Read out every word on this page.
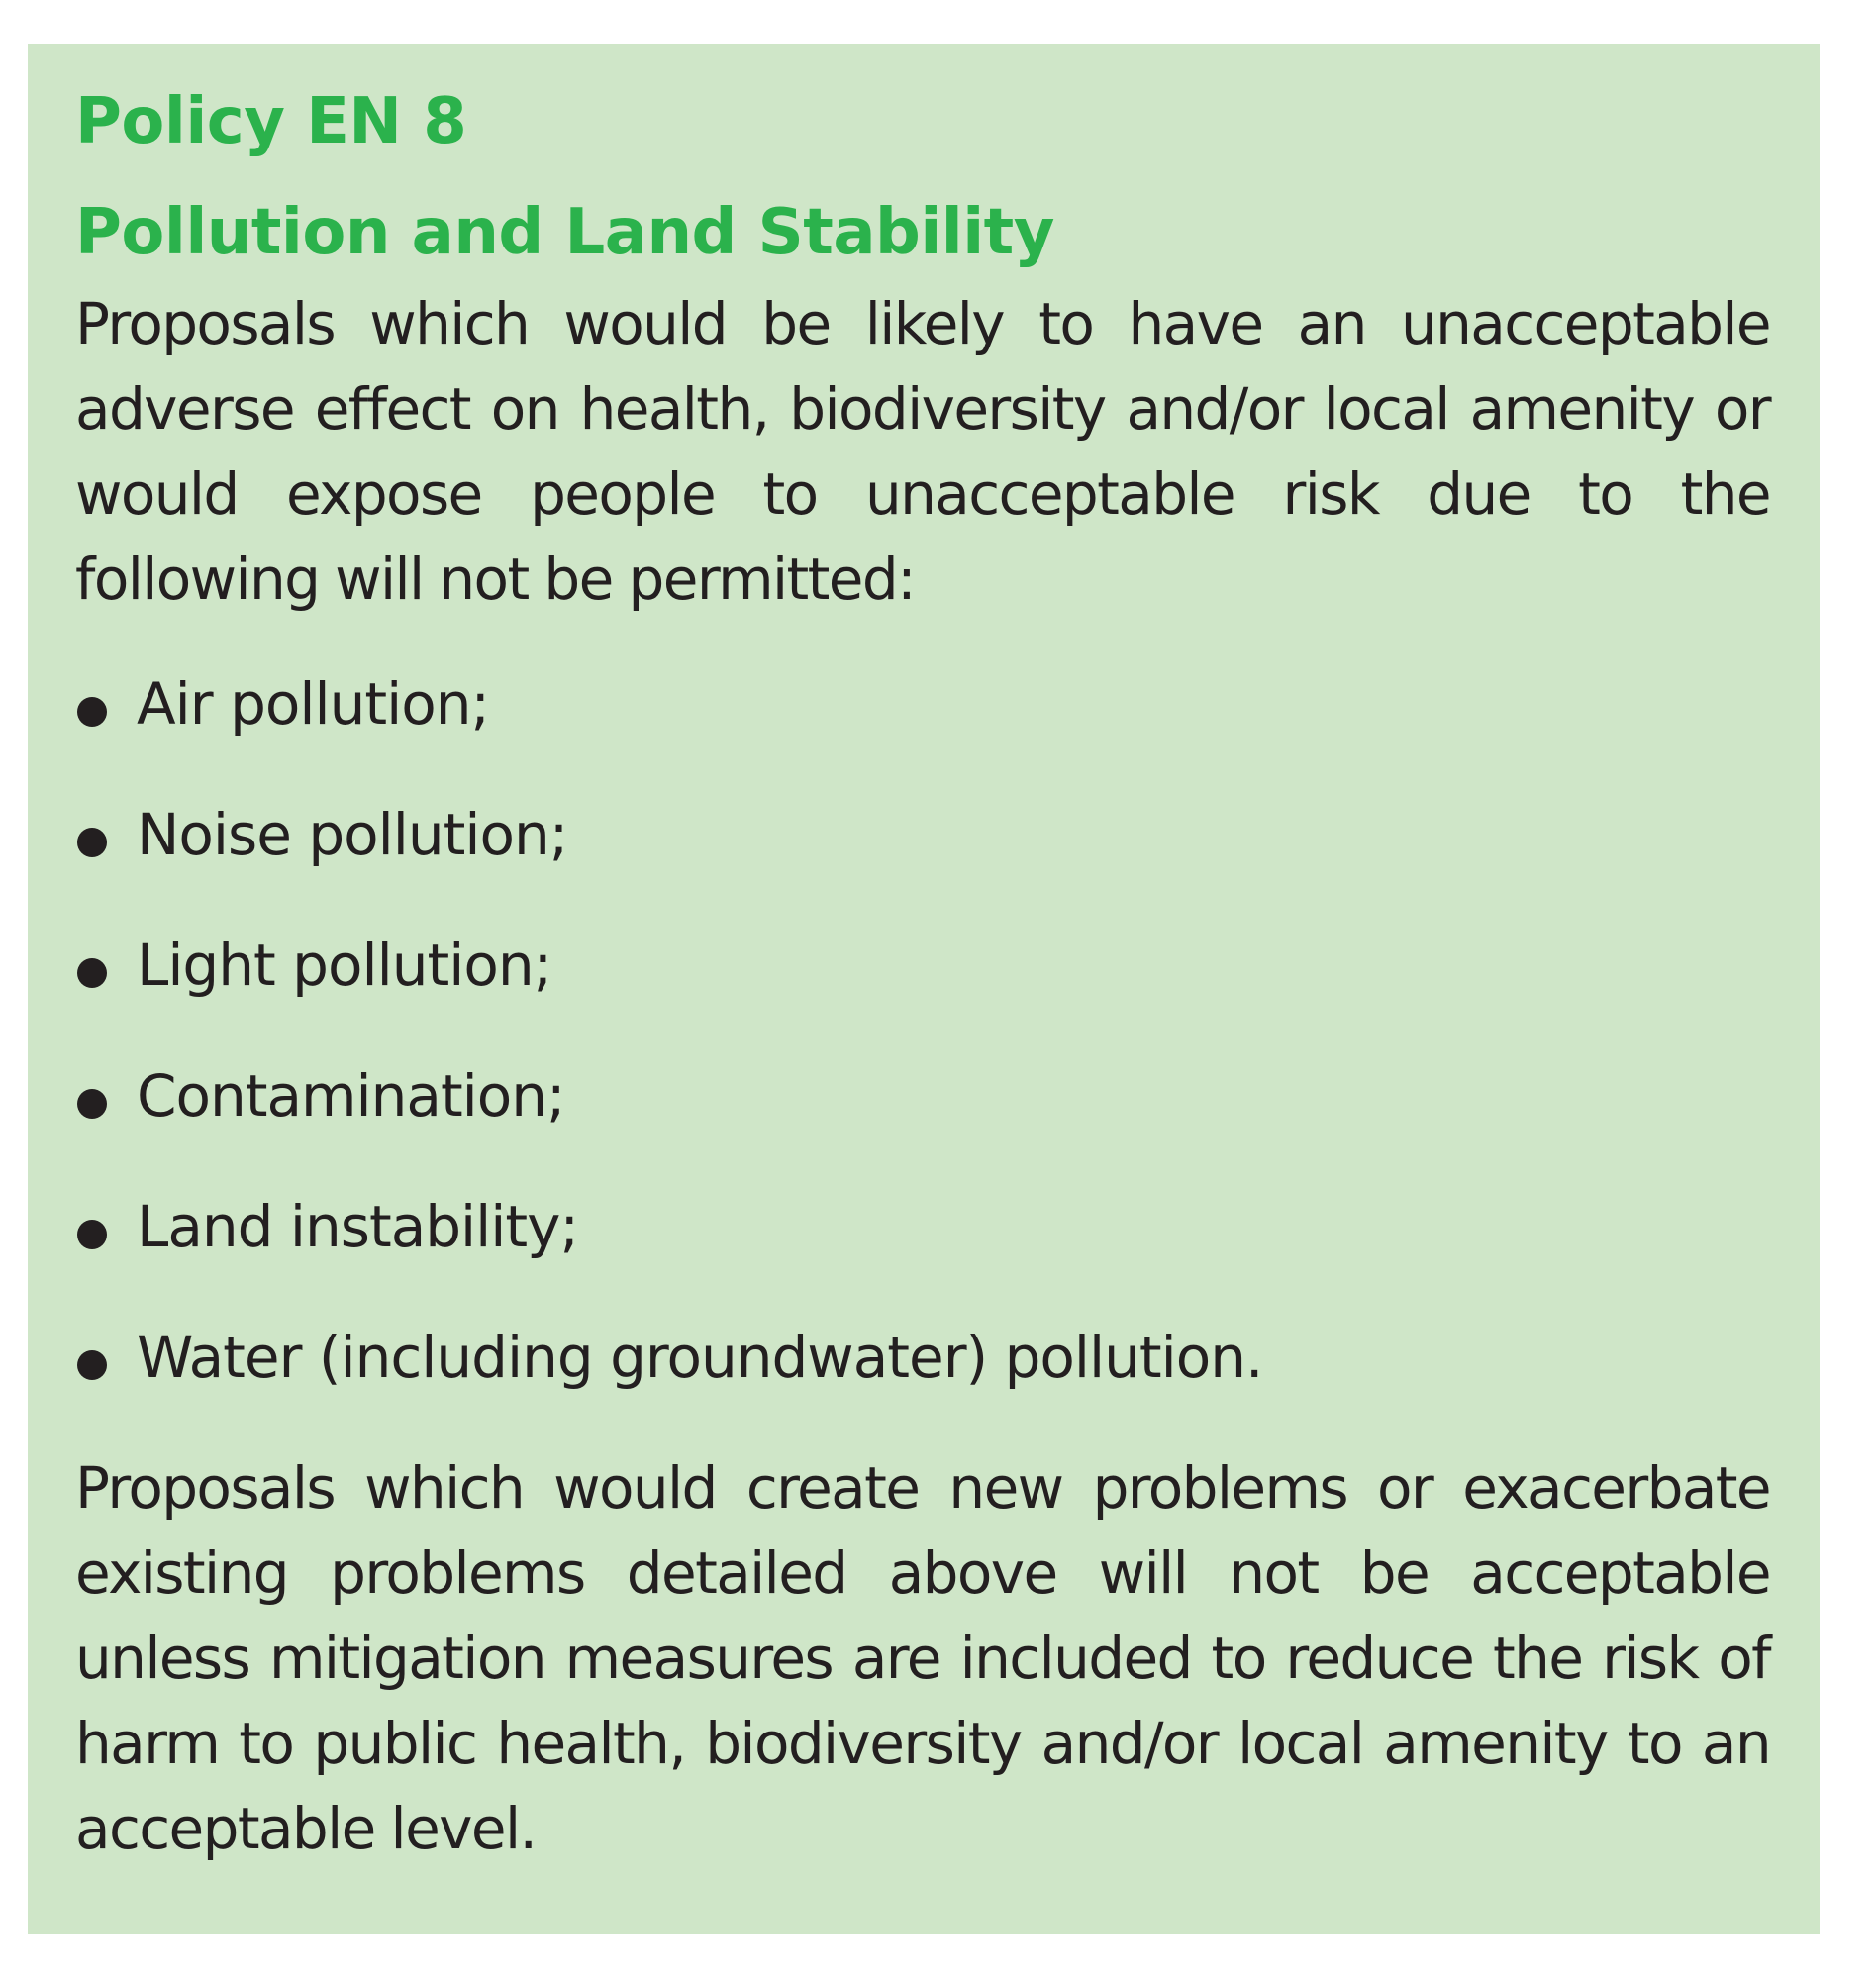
Policy EN 8
Pollution and Land Stability

Proposals which would be likely to have an unacceptable adverse effect on health, biodiversity and/or local amenity or would expose people to unacceptable risk due to the following will not be permitted:

Air pollution;
Noise pollution;
Light pollution;
Contamination;
Land instability;
Water (including groundwater) pollution.

Proposals which would create new problems or exacerbate existing problems detailed above will not be acceptable unless mitigation measures are included to reduce the risk of harm to public health, biodiversity and/or local amenity to an acceptable level.
